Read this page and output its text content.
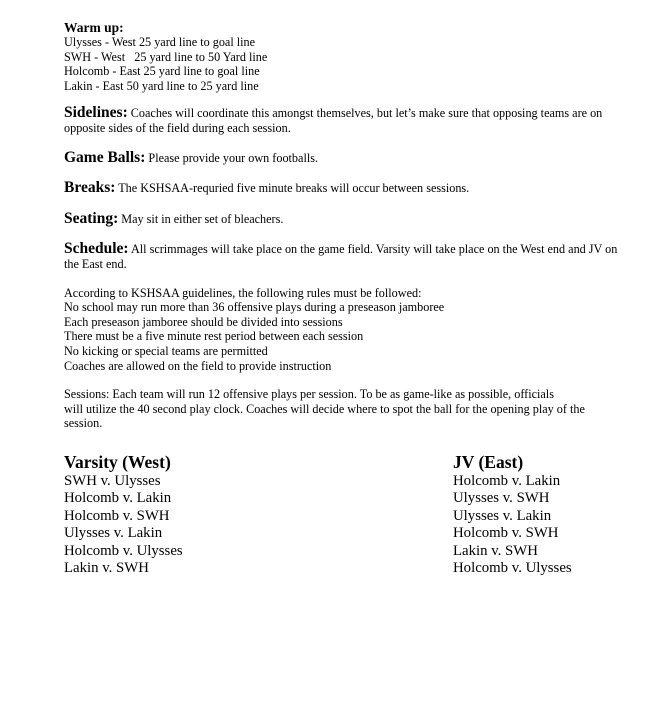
Warm up:
Ulysses - West 25 yard line to goal line
SWH - West   25 yard line to 50 Yard line
Holcomb - East 25 yard line to goal line
Lakin - East 50 yard line to 25 yard line
Sidelines: Coaches will coordinate this amongst themselves, but let’s make sure that opposing teams are on opposite sides of the field during each session.
Game Balls: Please provide your own footballs.
Breaks: The KSHSAA-requried five minute breaks will occur between sessions.
Seating: May sit in either set of bleachers.
Schedule: All scrimmages will take place on the game field. Varsity will take place on the West end and JV on the East end.
According to KSHSAA guidelines, the following rules must be followed:
No school may run more than 36 offensive plays during a preseason jamboree
Each preseason jamboree should be divided into sessions
There must be a five minute rest period between each session
No kicking or special teams are permitted
Coaches are allowed on the field to provide instruction
Sessions: Each team will run 12 offensive plays per session. To be as game-like as possible, officials
will utilize the 40 second play clock. Coaches will decide where to spot the ball for the opening play of the
session.
Varsity (West)
SWH v. Ulysses
Holcomb v. Lakin
Holcomb v. SWH
Ulysses v. Lakin
Holcomb v. Ulysses
Lakin v. SWH
JV (East)
Holcomb v. Lakin
Ulysses v. SWH
Ulysses v. Lakin
Holcomb v. SWH
Lakin v. SWH
Holcomb v. Ulysses
